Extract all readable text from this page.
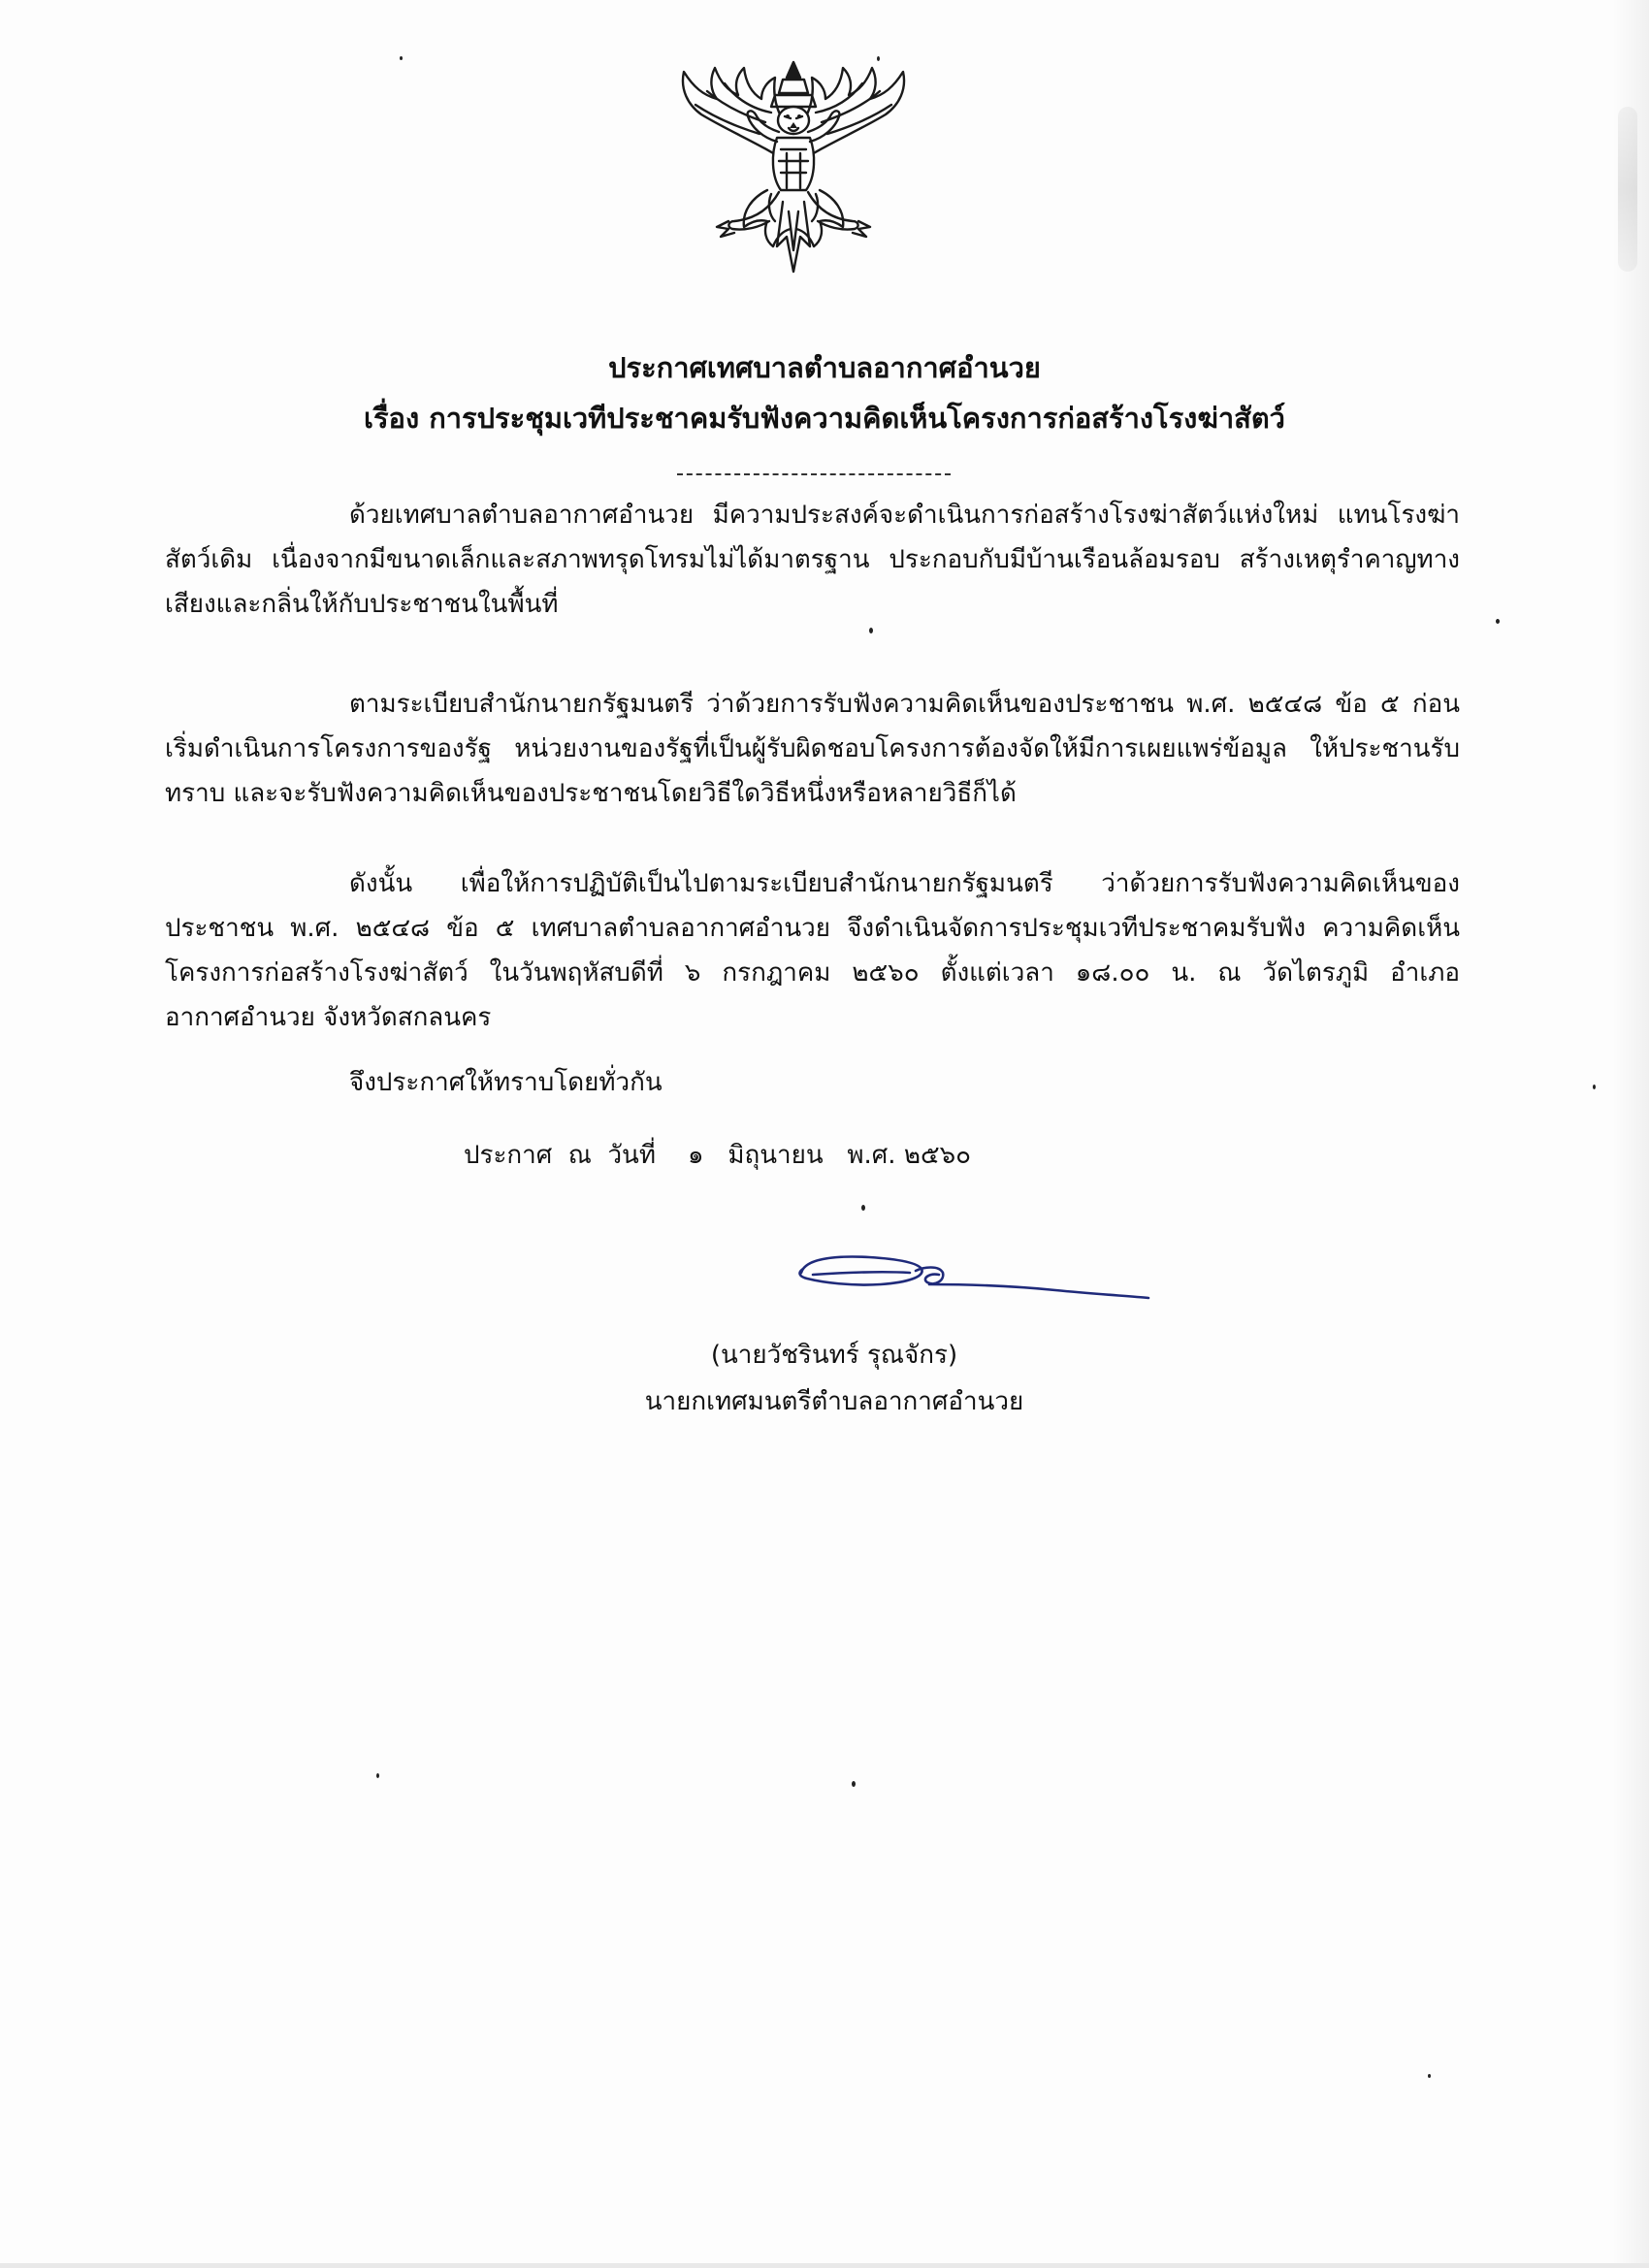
ประกาศเทศบาลตำบลอากาศอำนวย
เรื่อง การประชุมเวทีประชาคมรับฟังความคิดเห็นโครงการก่อสร้างโรงฆ่าสัตว์
ด้วยเทศบาลตำบลอากาศอำนวย มีความประสงค์จะดำเนินการก่อสร้างโรงฆ่าสัตว์แห่งใหม่ แทนโรงฆ่าสัตว์เดิม เนื่องจากมีขนาดเล็กและสภาพทรุดโทรมไม่ได้มาตรฐาน ประกอบกับมีบ้านเรือนล้อมรอบ สร้างเหตุรำคาญทางเสียงและกลิ่นให้กับประชาชนในพื้นที่
ตามระเบียบสำนักนายกรัฐมนตรี ว่าด้วยการรับฟังความคิดเห็นของประชาชน พ.ศ. ๒๕๔๘ ข้อ ๕ ก่อนเริ่มดำเนินการโครงการของรัฐ หน่วยงานของรัฐที่เป็นผู้รับผิดชอบโครงการต้องจัดให้มีการเผยแพร่ข้อมูล ให้ประชานรับทราบ และจะรับฟังความคิดเห็นของประชาชนโดยวิธีใดวิธีหนึ่งหรือหลายวิธีก็ได้
ดังนั้น เพื่อให้การปฏิบัติเป็นไปตามระเบียบสำนักนายกรัฐมนตรี ว่าด้วยการรับฟังความคิดเห็นของ ประชาชน พ.ศ. ๒๕๔๘ ข้อ ๕ เทศบาลตำบลอากาศอำนวย จึงดำเนินจัดการประชุมเวทีประชาคมรับฟัง ความคิดเห็นโครงการก่อสร้างโรงฆ่าสัตว์ ในวันพฤหัสบดีที่ ๖ กรกฎาคม ๒๕๖๐ ตั้งแต่เวลา ๑๘.๐๐ น. ณ วัดไตรภูมิ อำเภออากาศอำนวย จังหวัดสกลนคร
จึงประกาศให้ทราบโดยทั่วกัน
ประกาศ  ณ  วันที่    ๑   มิถุนายน   พ.ศ. ๒๕๖๐
(นายวัชรินทร์ รุณจักร)
นายกเทศมนตรีตำบลอากาศอำนวย
